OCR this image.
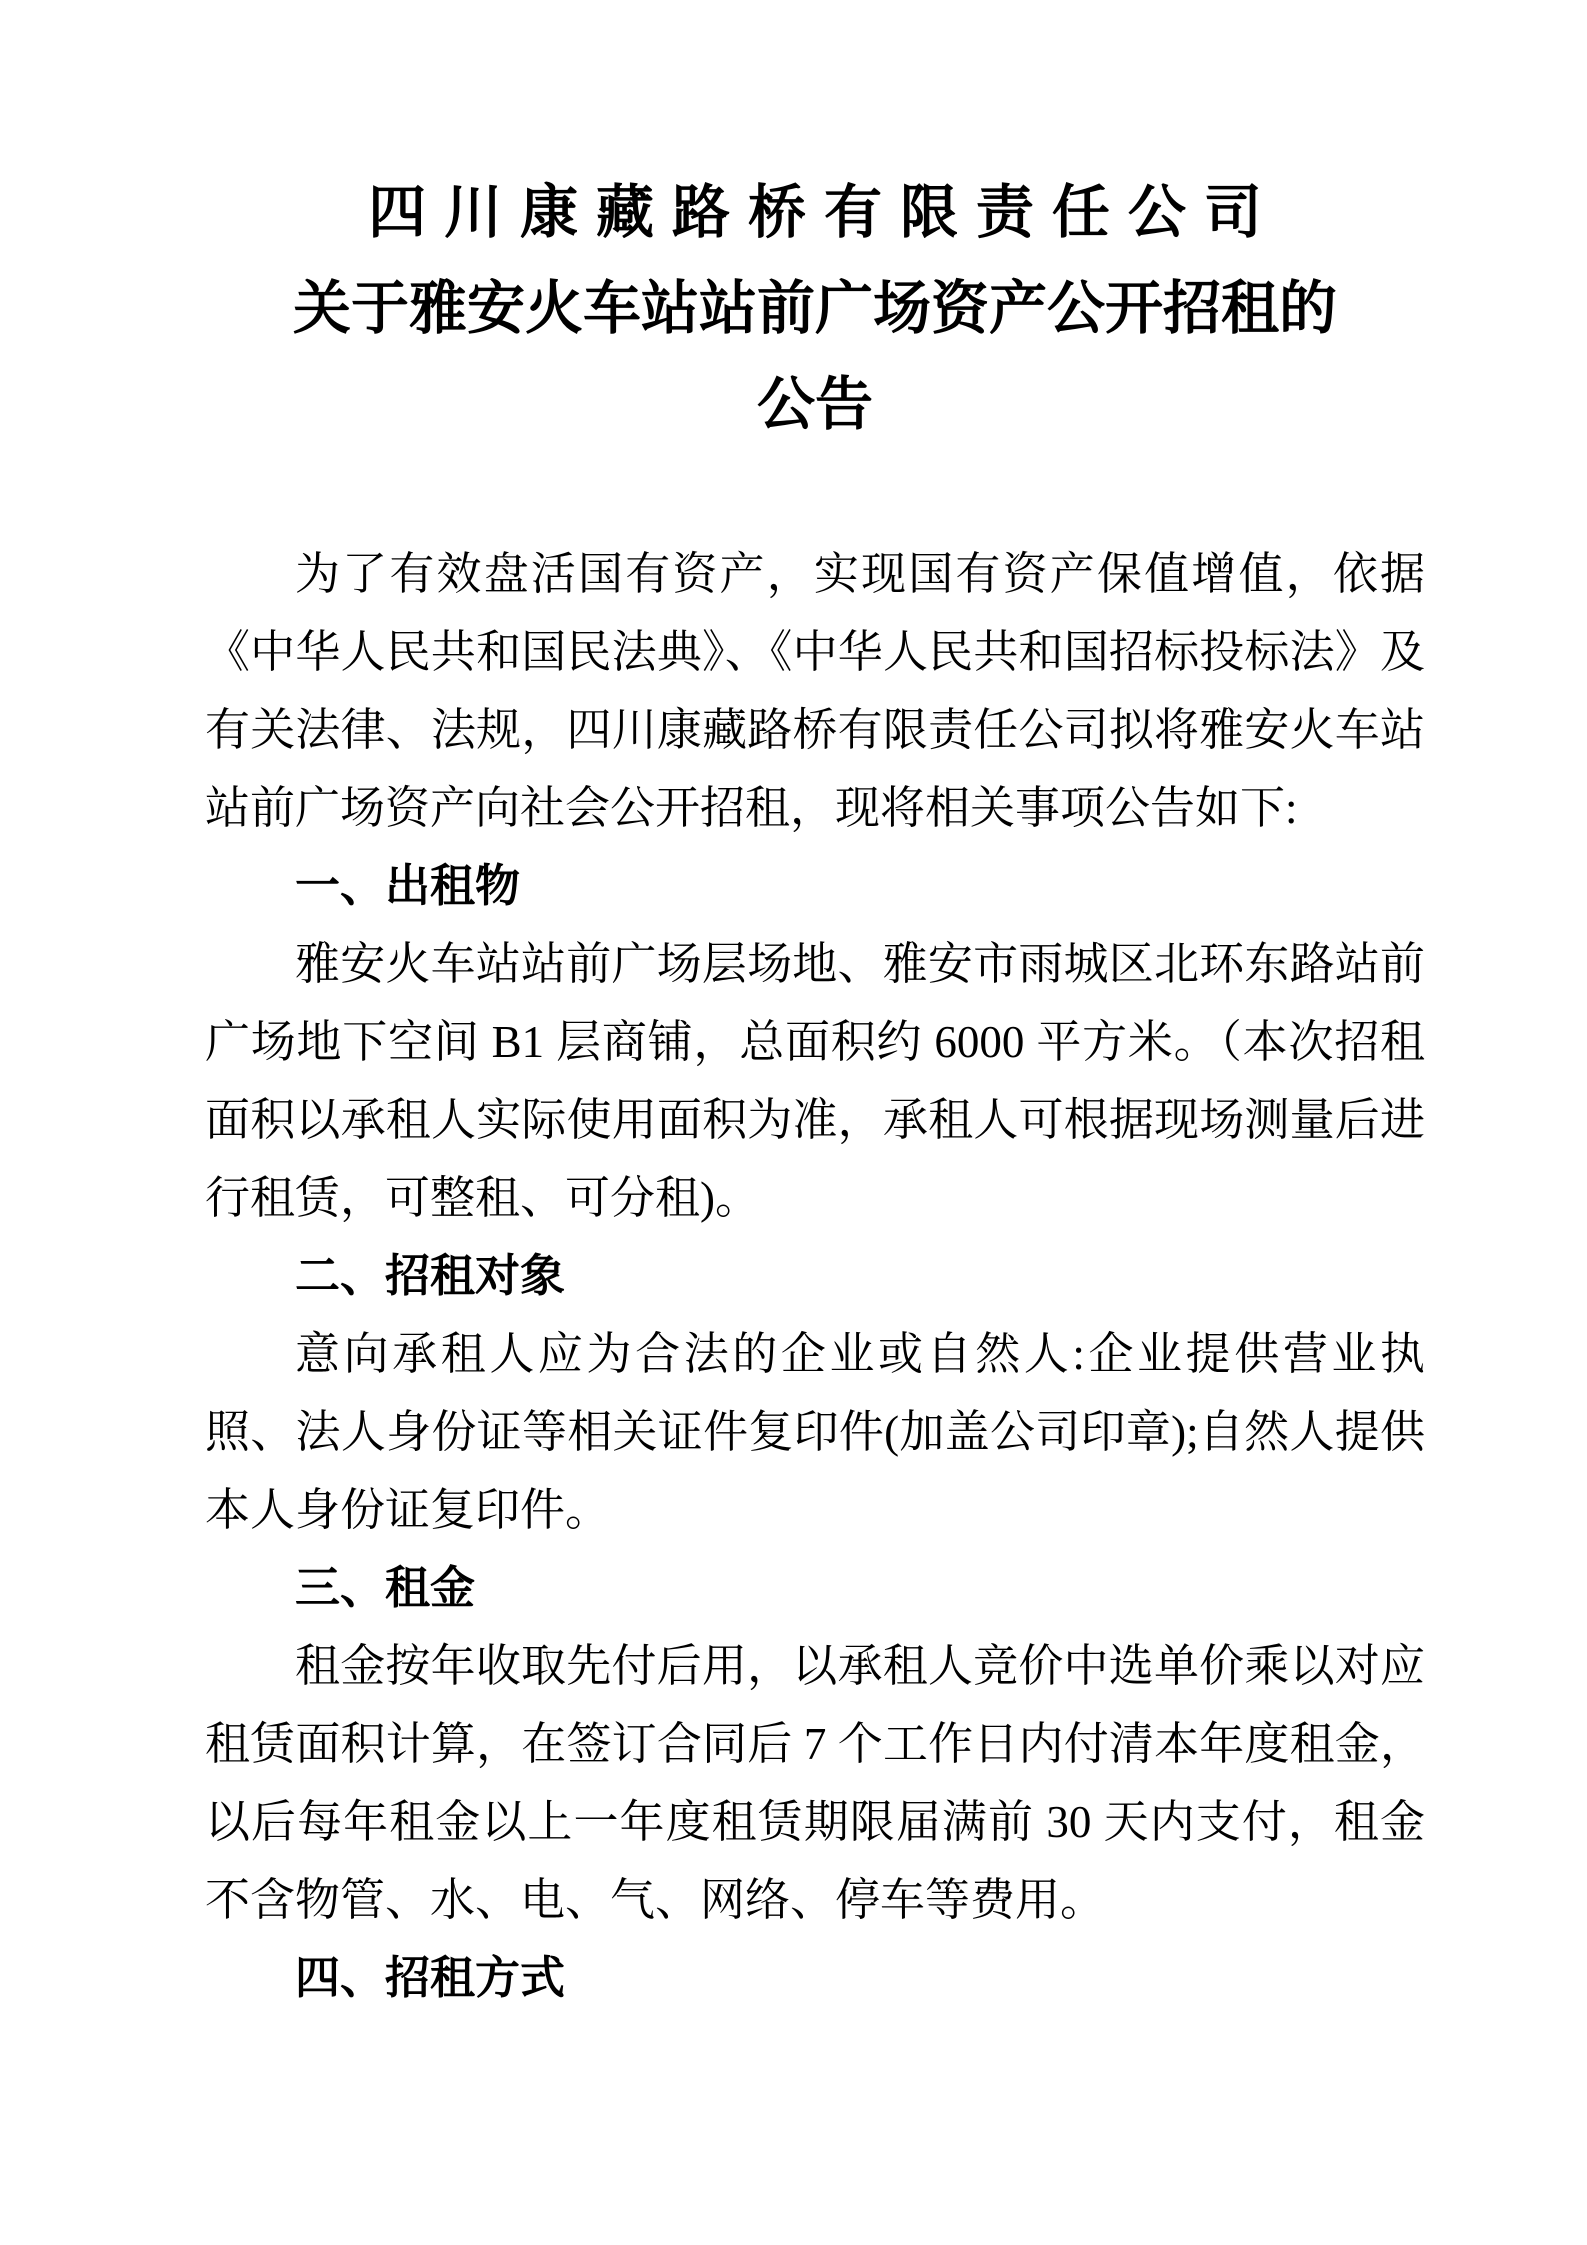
四川康藏路桥有限责任公司
关于雅安火车站站前广场资产公开招租的
公告

为了有效盘活国有资产，实现国有资产保值增值，依据《中华人民共和国民法典》、《中华人民共和国招标投标法》及有关法律、法规，四川康藏路桥有限责任公司拟将雅安火车站站前广场资产向社会公开招租，现将相关事项公告如下:

一、出租物

雅安火车站站前广场层场地、雅安市雨城区北环东路站前广场地下空间 B1 层商铺，总面积约 6000 平方米。（本次招租面积以承租人实际使用面积为准，承租人可根据现场测量后进行租赁，可整租、可分租)。

二、招租对象

意向承租人应为合法的企业或自然人:企业提供营业执照、法人身份证等相关证件复印件(加盖公司印章);自然人提供本人身份证复印件。

三、租金

租金按年收取先付后用，以承租人竞价中选单价乘以对应租赁面积计算，在签订合同后 7 个工作日内付清本年度租金，以后每年租金以上一年度租赁期限届满前 30 天内支付，租金不含物管、水、电、气、网络、停车等费用。

四、招租方式
